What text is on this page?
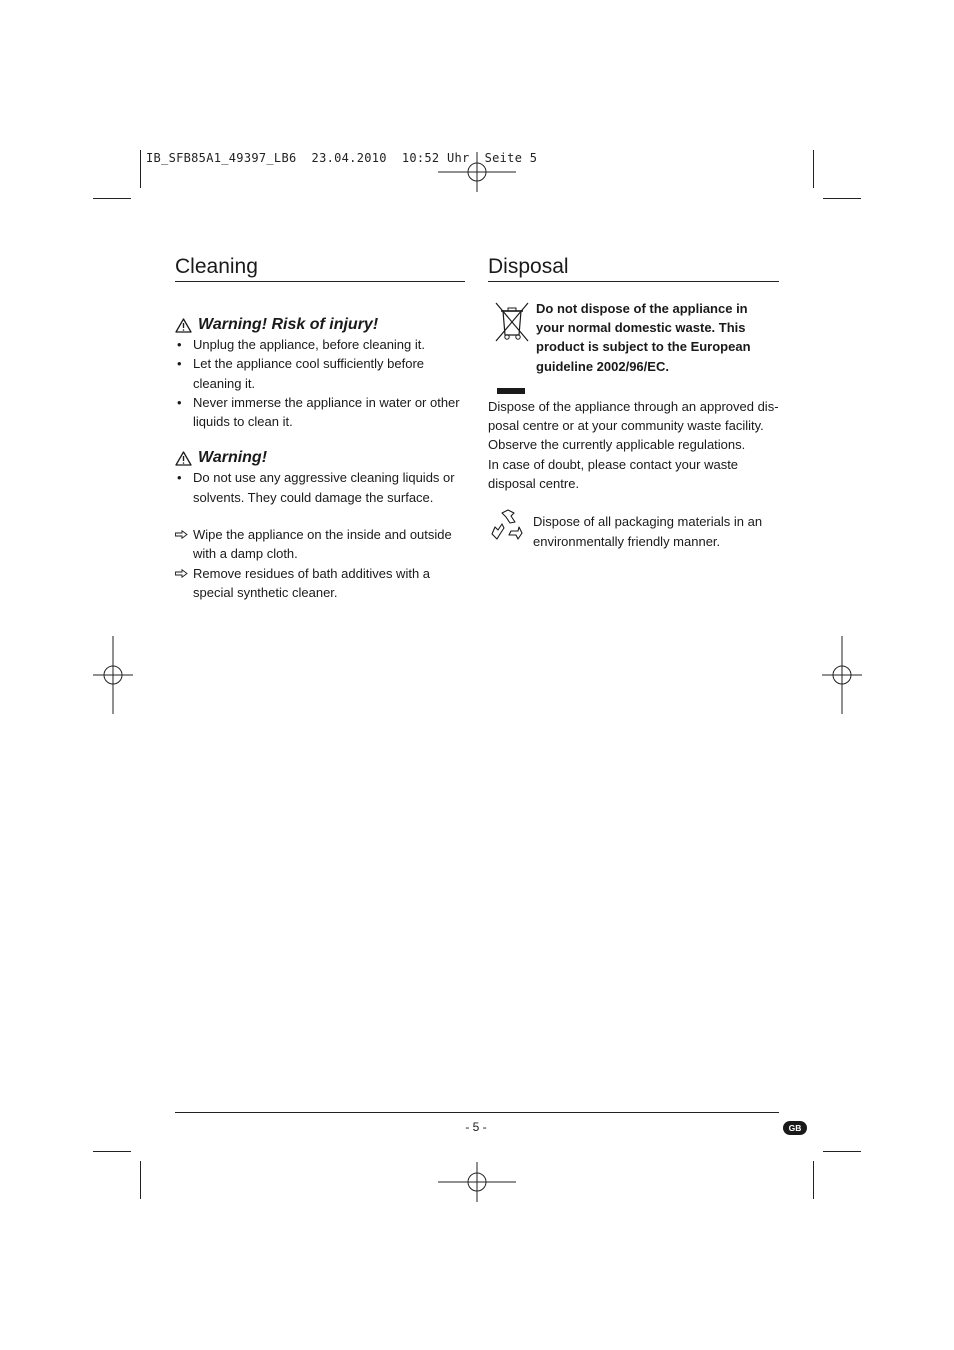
IB_SFB85A1_49397_LB6  23.04.2010  10:52 Uhr  Seite 5
Cleaning
Warning! Risk of injury!
• Unplug the appliance, before cleaning it.
• Let the appliance cool sufficiently before cleaning it.
• Never immerse the appliance in water or other liquids to clean it.
Warning!
• Do not use any aggressive cleaning liquids or solvents. They could damage the surface.
Wipe the appliance on the inside and outside with a damp cloth.
Remove residues of bath additives with a special synthetic cleaner.
Disposal
Do not dispose of the appliance in your normal domestic waste. This product is subject to the European guideline 2002/96/EC.
Dispose of the appliance through an approved dis-posal centre or at your community waste facility. Observe the currently applicable regulations.
In case of doubt, please contact your waste disposal centre.
Dispose of all packaging materials in an environmentally friendly manner.
- 5 -	GB
